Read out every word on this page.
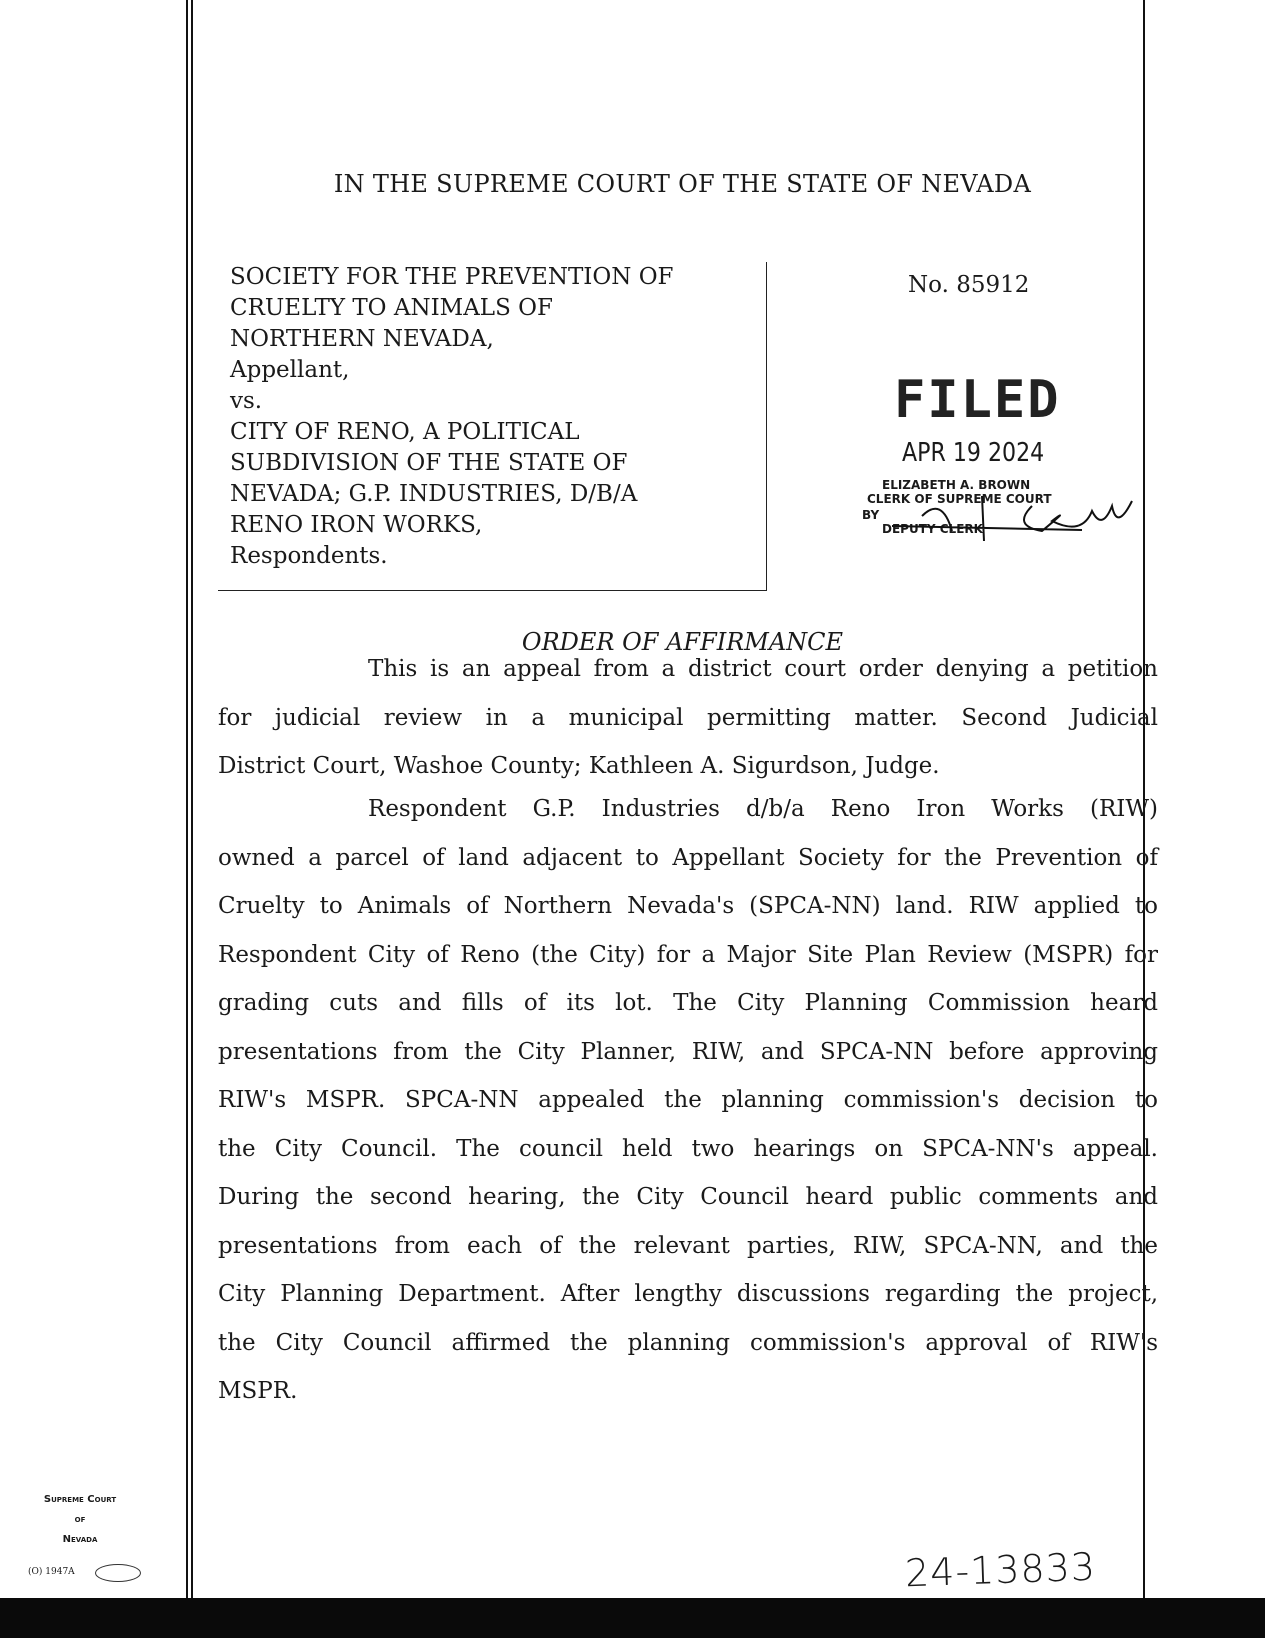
IN THE SUPREME COURT OF THE STATE OF NEVADA
SOCIETY FOR THE PREVENTION OF
CRUELTY TO ANIMALS OF
NORTHERN NEVADA,
Appellant,
vs.
CITY OF RENO, A POLITICAL
SUBDIVISION OF THE STATE OF
NEVADA; G.P. INDUSTRIES, D/B/A
RENO IRON WORKS,
Respondents.
No. 85912
FILED
APR 19 2024
ELIZABETH A. BROWN
CLERK OF SUPREME COURT
BY
DEPUTY CLERK
ORDER OF AFFIRMANCE
This is an appeal from a district court order denying a petition
for judicial review in a municipal permitting matter. Second Judicial
District Court, Washoe County; Kathleen A. Sigurdson, Judge.
Respondent G.P. Industries d/b/a Reno Iron Works (RIW)
owned a parcel of land adjacent to Appellant Society for the Prevention of
Cruelty to Animals of Northern Nevada's (SPCA-NN) land. RIW applied to
Respondent City of Reno (the City) for a Major Site Plan Review (MSPR) for
grading cuts and fills of its lot. The City Planning Commission heard
presentations from the City Planner, RIW, and SPCA-NN before approving
RIW's MSPR. SPCA-NN appealed the planning commission's decision to
the City Council. The council held two hearings on SPCA-NN's appeal.
During the second hearing, the City Council heard public comments and
presentations from each of the relevant parties, RIW, SPCA-NN, and the
City Planning Department. After lengthy discussions regarding the project,
the City Council affirmed the planning commission's approval of RIW's
MSPR.
Supreme Court
of
Nevada
(O) 1947A	24-13833
